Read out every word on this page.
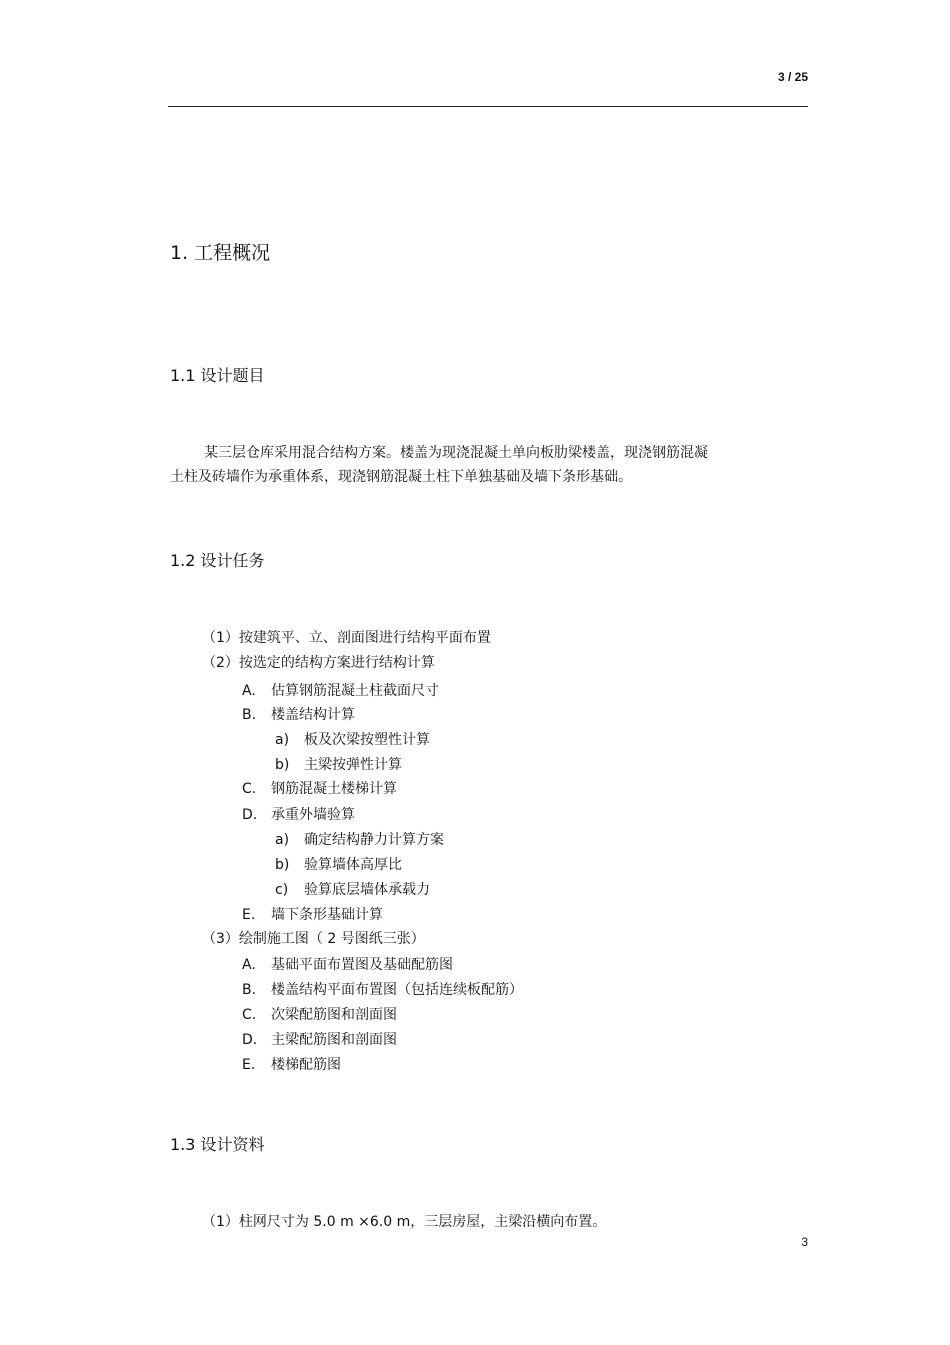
3 / 25
1. 工程概况
1.1 设计题目
某三层仓库采用混合结构方案。楼盖为现浇混凝土单向板肋梁楼盖，现浇钢筋混凝
土柱及砖墙作为承重体系，现浇钢筋混凝土柱下单独基础及墙下条形基础。
1.2 设计任务
（1）按建筑平、立、剖面图进行结构平面布置
（2）按选定的结构方案进行结构计算
A. 估算钢筋混凝土柱截面尺寸
B. 楼盖结构计算
a) 板及次梁按塑性计算
b) 主梁按弹性计算
C. 钢筋混凝土楼梯计算
D. 承重外墙验算
a) 确定结构静力计算方案
b) 验算墙体高厚比
c) 验算底层墙体承载力
E. 墙下条形基础计算
（3）绘制施工图（ 2 号图纸三张）
A. 基础平面布置图及基础配筋图
B. 楼盖结构平面布置图（包括连续板配筋）
C. 次梁配筋图和剖面图
D. 主梁配筋图和剖面图
E. 楼梯配筋图
1.3 设计资料
（1）柱网尺寸为 5.0 m ×6.0 m，三层房屋，主梁沿横向布置。
3
